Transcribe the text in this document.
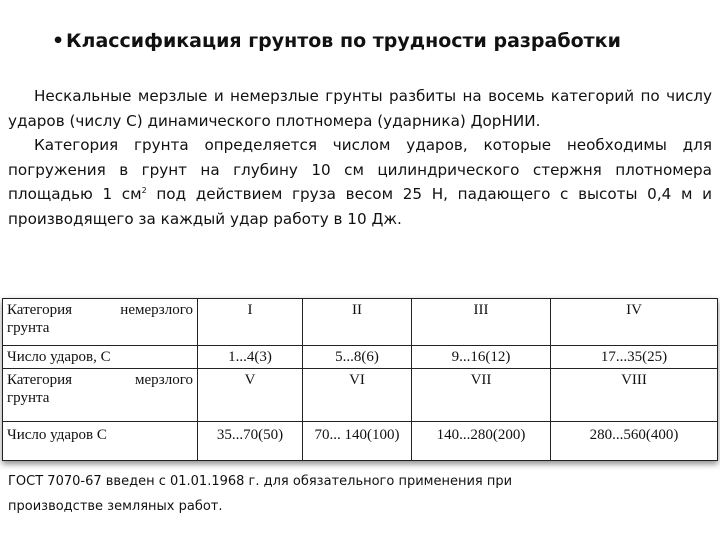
•Классификация грунтов по трудности разработки

Нескальные мерзлые и немерзлые грунты разбиты на восемь категорий по числу ударов (числу С) динамического плотномера (ударника) ДорНИИ.

Категория грунта определяется числом ударов, которые необходимы для погружения в грунт на глубину 10 см цилиндрического стержня плотномера площадью 1 $см^2$ под действием груза весом 25 Н, падающего с высоты 0,4 м и производящего за каждый удар работу в 10 Дж.

ГОСТ 7070-67 введен с 01.01.1968 г. для обязательного применения при

производстве земляных работ.

Категория немерзлого грунта	I	II	III	IV
Число ударов, С	1...4(3)	5...8(6)	9...16(12)	17...35(25)

Категория мерзлого
грунта	V	VI	VII	VIII
Число ударов С	35...70(50)	70... 140(100)	140...280(200)	280...560(400)
